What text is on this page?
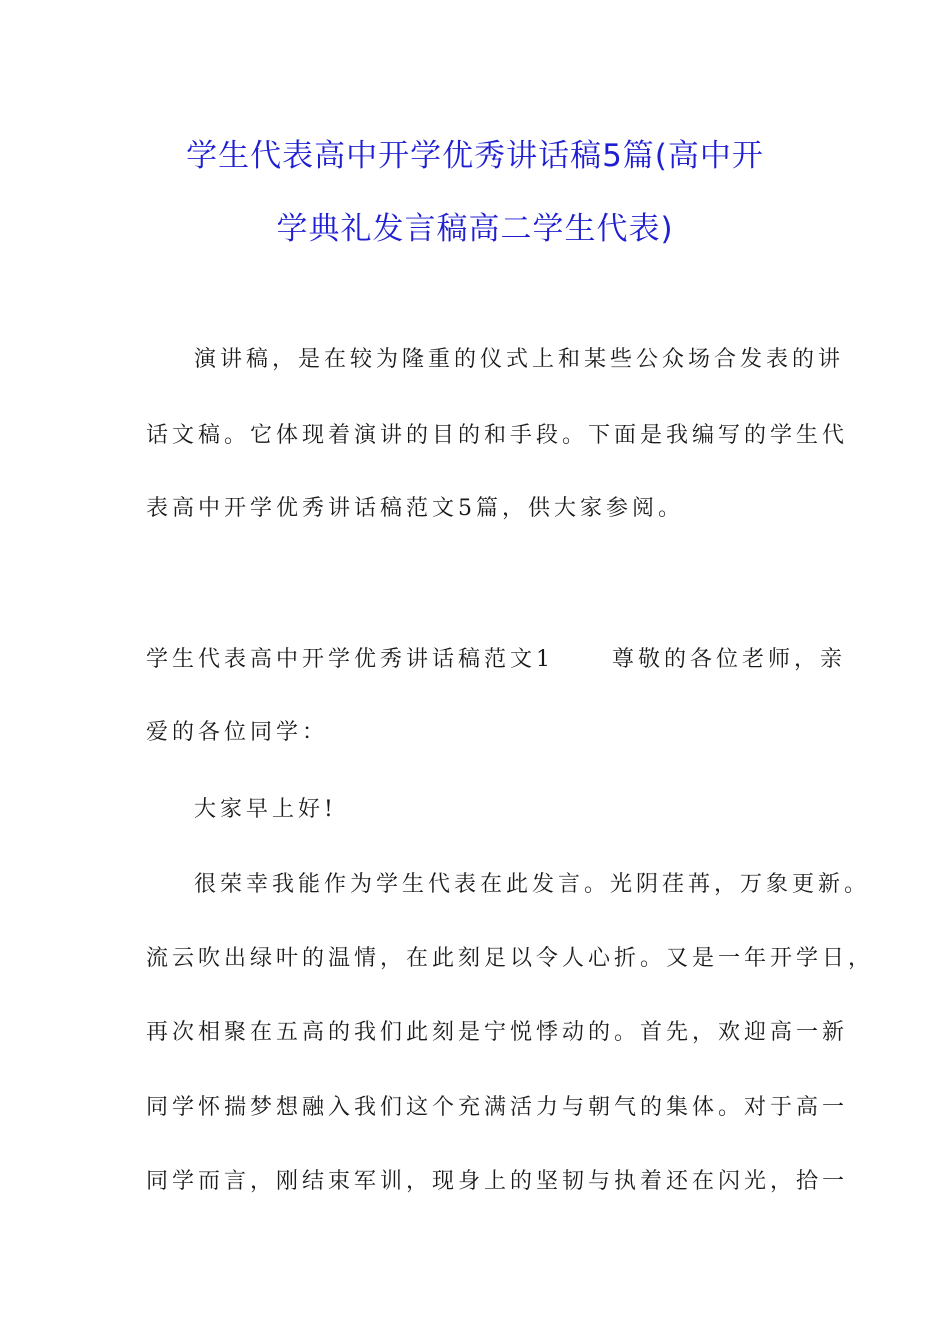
学生代表高中开学优秀讲话稿5篇(高中开
学典礼发言稿高二学生代表)
演讲稿，是在较为隆重的仪式上和某些公众场合发表的讲
话文稿。它体现着演讲的目的和手段。下面是我编写的学生代
表高中开学优秀讲话稿范文5篇，供大家参阅。
学生代表高中开学优秀讲话稿范文1	尊敬的各位老师，亲
爱的各位同学：
大家早上好!
很荣幸我能作为学生代表在此发言。光阴荏苒，万象更新。
流云吹出绿叶的温情，在此刻足以令人心折。又是一年开学日，
再次相聚在五高的我们此刻是宁悦悸动的。首先，欢迎高一新
同学怀揣梦想融入我们这个充满活力与朝气的集体。对于高一
同学而言，刚结束军训，现身上的坚韧与执着还在闪光，拾一
